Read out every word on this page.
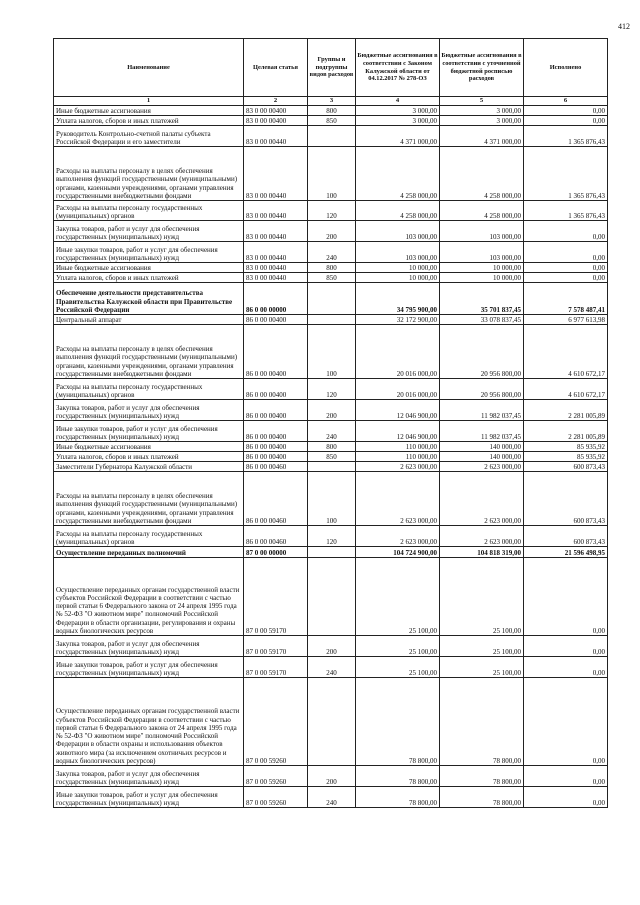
412
Наименование	Целевая статья	Группы и подгруппы видов расходов	Бюджетные ассигнования в соответствии с Законом Калужской области от 04.12.2017 № 278-ОЗ	Бюджетные ассигнования в соответствии с уточненной бюджетной росписью расходов	Исполнено
1	2	3	4	5	6
Иные бюджетные ассигнования	83 0 00 00400	800	3 000,00	3 000,00	0,00
Уплата налогов, сборов и иных платежей	83 0 00 00400	850	3 000,00	3 000,00	0,00
Руководитель Контрольно-счетной палаты субъекта Российской Федерации и его заместители	83 0 00 00440		4 371 000,00	4 371 000,00	1 365 876,43
Расходы на выплаты персоналу в целях обеспечения выполнения функций государственными (муниципальными) органами, казенными учреждениями, органами управления государственными внебюджетными фондами	83 0 00 00440	100	4 258 000,00	4 258 000,00	1 365 876,43
Расходы на выплаты персоналу государственных (муниципальных) органов	83 0 00 00440	120	4 258 000,00	4 258 000,00	1 365 876,43
Закупка товаров, работ и услуг для обеспечения государственных (муниципальных) нужд	83 0 00 00440	200	103 000,00	103 000,00	0,00
Иные закупки товаров, работ и услуг для обеспечения государственных (муниципальных) нужд	83 0 00 00440	240	103 000,00	103 000,00	0,00
Иные бюджетные ассигнования	83 0 00 00440	800	10 000,00	10 000,00	0,00
Уплата налогов, сборов и иных платежей	83 0 00 00440	850	10 000,00	10 000,00	0,00
Обеспечение деятельности представительства Правительства Калужской области при Правительстве Российской Федерации	86 0 00 00000		34 795 900,00	35 701 837,45	7 578 487,41
Центральный аппарат	86 0 00 00400		32 172 900,00	33 078 837,45	6 977 613,98
Расходы на выплаты персоналу в целях обеспечения выполнения функций государственными (муниципальными) органами, казенными учреждениями, органами управления государственными внебюджетными фондами	86 0 00 00400	100	20 016 000,00	20 956 800,00	4 610 672,17
Расходы на выплаты персоналу государственных (муниципальных) органов	86 0 00 00400	120	20 016 000,00	20 956 800,00	4 610 672,17
Закупка товаров, работ и услуг для обеспечения государственных (муниципальных) нужд	86 0 00 00400	200	12 046 900,00	11 982 037,45	2 281 005,89
Иные закупки товаров, работ и услуг для обеспечения государственных (муниципальных) нужд	86 0 00 00400	240	12 046 900,00	11 982 037,45	2 281 005,89
Иные бюджетные ассигнования	86 0 00 00400	800	110 000,00	140 000,00	85 935,92
Уплата налогов, сборов и иных платежей	86 0 00 00400	850	110 000,00	140 000,00	85 935,92
Заместители Губернатора Калужской области	86 0 00 00460		2 623 000,00	2 623 000,00	600 873,43
Расходы на выплаты персоналу в целях обеспечения выполнения функций государственными (муниципальными) органами, казенными учреждениями, органами управления государственными внебюджетными фондами	86 0 00 00460	100	2 623 000,00	2 623 000,00	600 873,43
Расходы на выплаты персоналу государственных (муниципальных) органов	86 0 00 00460	120	2 623 000,00	2 623 000,00	600 873,43
Осуществление переданных полномочий	87 0 00 00000		104 724 900,00	104 818 319,00	21 596 498,95
Осуществление переданных органам государственной власти субъектов Российской Федерации в соответствии с частью первой статьи 6 Федерального закона от 24 апреля 1995 года № 52-ФЗ "О животном мире" полномочий Российской Федерации в области организации, регулирования и охраны водных биологических ресурсов	87 0 00 59170		25 100,00	25 100,00	0,00
Закупка товаров, работ и услуг для обеспечения государственных (муниципальных) нужд	87 0 00 59170	200	25 100,00	25 100,00	0,00
Иные закупки товаров, работ и услуг для обеспечения государственных (муниципальных) нужд	87 0 00 59170	240	25 100,00	25 100,00	0,00
Осуществление переданных органам государственной власти субъектов Российской Федерации в соответствии с частью первой статьи 6 Федерального закона от 24 апреля 1995 года № 52-ФЗ "О животном мире" полномочий Российской Федерации в области охраны и использования объектов животного мира (за исключением охотничьих ресурсов и водных биологических ресурсов)	87 0 00 59260		78 800,00	78 800,00	0,00
Закупка товаров, работ и услуг для обеспечения государственных (муниципальных) нужд	87 0 00 59260	200	78 800,00	78 800,00	0,00
Иные закупки товаров, работ и услуг для обеспечения государственных (муниципальных) нужд	87 0 00 59260	240	78 800,00	78 800,00	0,00
